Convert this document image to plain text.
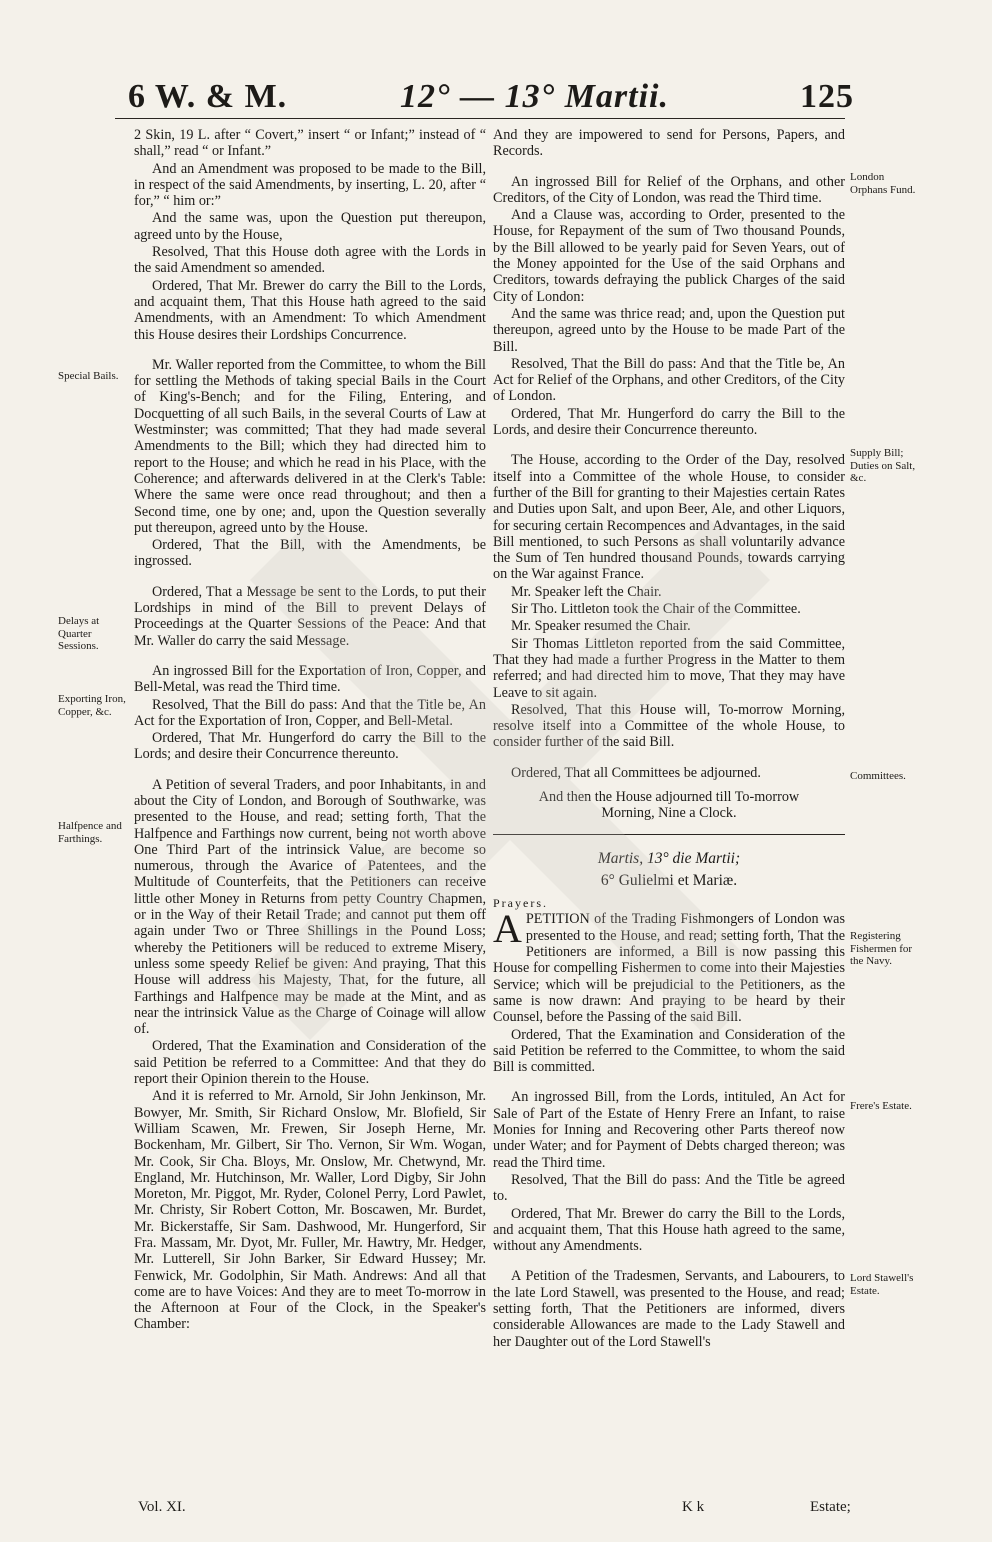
6 W. & M.	12° — 13° Martii.	125

2 Skin, 19 L. after “ Covert,” insert “ or Infant;” instead of “ shall,” read “ or Infant.”

And an Amendment was proposed to be made to the Bill, in respect of the said Amendments, by inserting, L. 20, after “ for,” “ him or:”

And the same was, upon the Question put thereupon, agreed unto by the House,

Resolved, That this House doth agree with the Lords in the said Amendment so amended.

Ordered, That Mr. Brewer do carry the Bill to the Lords, and acquaint them, That this House hath agreed to the said Amendments, with an Amendment: To which Amendment this House desires their Lordships Concurrence.

Mr. Waller reported from the Committee, to whom the Bill for settling the Methods of taking special Bails in the Court of King's-Bench; and for the Filing, Entering, and Docquetting of all such Bails, in the several Courts of Law at Westminster; was committed; That they had made several Amendments to the Bill; which they had directed him to report to the House; and which he read in his Place, with the Coherence; and afterwards delivered in at the Clerk's Table: Where the same were once read throughout; and then a Second time, one by one; and, upon the Question severally put thereupon, agreed unto by the House.

Ordered, That the Bill, with the Amendments, be ingrossed.

Ordered, That a Message be sent to the Lords, to put their Lordships in mind of the Bill to prevent Delays of Proceedings at the Quarter Sessions of the Peace: And that Mr. Waller do carry the said Message.

An ingrossed Bill for the Exportation of Iron, Copper, and Bell-Metal, was read the Third time.

Resolved, That the Bill do pass: And that the Title be, An Act for the Exportation of Iron, Copper, and Bell-Metal.

Ordered, That Mr. Hungerford do carry the Bill to the Lords; and desire their Concurrence thereunto.

A Petition of several Traders, and poor Inhabitants, in and about the City of London, and Borough of Southwarke, was presented to the House, and read; setting forth, That the Halfpence and Farthings now current, being not worth above One Third Part of the intrinsick Value, are become so numerous, through the Avarice of Patentees, and the Multitude of Counterfeits, that the Petitioners can receive little other Money in Returns from petty Country Chapmen, or in the Way of their Retail Trade; and cannot put them off again under Two or Three Shillings in the Pound Loss; whereby the Petitioners will be reduced to extreme Misery, unless some speedy Relief be given: And praying, That this House will address his Majesty, That, for the future, all Farthings and Halfpence may be made at the Mint, and as near the intrinsick Value as the Charge of Coinage will allow of.

Ordered, That the Examination and Consideration of the said Petition be referred to a Committee: And that they do report their Opinion therein to the House.

And it is referred to Mr. Arnold, Sir John Jenkinson, Mr. Bowyer, Mr. Smith, Sir Richard Onslow, Mr. Blofield, Sir William Scawen, Mr. Frewen, Sir Joseph Herne, Mr. Bockenham, Mr. Gilbert, Sir Tho. Vernon, Sir Wm. Wogan, Mr. Cook, Sir Cha. Bloys, Mr. Onslow, Mr. Chetwynd, Mr. England, Mr. Hutchinson, Mr. Waller, Lord Digby, Sir John Moreton, Mr. Piggot, Mr. Ryder, Colonel Perry, Lord Pawlet, Mr. Christy, Sir Robert Cotton, Mr. Boscawen, Mr. Burdet, Mr. Bickerstaffe, Sir Sam. Dashwood, Mr. Hungerford, Sir Fra. Massam, Mr. Dyot, Mr. Fuller, Mr. Hawtry, Mr. Hedger, Mr. Lutterell, Sir John Barker, Sir Edward Hussey; Mr. Fenwick, Mr. Godolphin, Sir Math. Andrews: And all that come are to have Voices: And they are to meet To-morrow in the Afternoon at Four of the Clock, in the Speaker's Chamber:

And they are impowered to send for Persons, Papers, and Records.

An ingrossed Bill for Relief of the Orphans, and other Creditors, of the City of London, was read the Third time.

And a Clause was, according to Order, presented to the House, for Repayment of the sum of Two thousand Pounds, by the Bill allowed to be yearly paid for Seven Years, out of the Money appointed for the Use of the said Orphans and Creditors, towards defraying the publick Charges of the said City of London:

And the same was thrice read; and, upon the Question put thereupon, agreed unto by the House to be made Part of the Bill.

Resolved, That the Bill do pass: And that the Title be, An Act for Relief of the Orphans, and other Creditors, of the City of London.

Ordered, That Mr. Hungerford do carry the Bill to the Lords, and desire their Concurrence thereunto.

The House, according to the Order of the Day, resolved itself into a Committee of the whole House, to consider further of the Bill for granting to their Majesties certain Rates and Duties upon Salt, and upon Beer, Ale, and other Liquors, for securing certain Recompences and Advantages, in the said Bill mentioned, to such Persons as shall voluntarily advance the Sum of Ten hundred thousand Pounds, towards carrying on the War against France.

Mr. Speaker left the Chair.

Sir Tho. Littleton took the Chair of the Committee.

Mr. Speaker resumed the Chair.

Sir Thomas Littleton reported from the said Committee, That they had made a further Progress in the Matter to them referred; and had directed him to move, That they may have Leave to sit again.

Resolved, That this House will, To-morrow Morning, resolve itself into a Committee of the whole House, to consider further of the said Bill.

Ordered, That all Committees be adjourned.

And then the House adjourned till To-morrow Morning, Nine a Clock.

Martis, 13° die Martii;
6° Gulielmi et Mariæ.
Prayers.

APETITION of the Trading Fishmongers of London was presented to the House, and read; setting forth, That the Petitioners are informed, a Bill is now passing this House for compelling Fishermen to come into their Majesties Service; which will be prejudicial to the Petitioners, as the same is now drawn: And praying to be heard by their Counsel, before the Passing of the said Bill.

Ordered, That the Examination and Consideration of the said Petition be referred to the Committee, to whom the said Bill is committed.

An ingrossed Bill, from the Lords, intituled, An Act for Sale of Part of the Estate of Henry Frere an Infant, to raise Monies for Inning and Recovering other Parts thereof now under Water; and for Payment of Debts charged thereon; was read the Third time.

Resolved, That the Bill do pass: And the Title be agreed to.

Ordered, That Mr. Brewer do carry the Bill to the Lords, and acquaint them, That this House hath agreed to the same, without any Amendments.

A Petition of the Tradesmen, Servants, and Labourers, to the late Lord Stawell, was presented to the House, and read; setting forth, That the Petitioners are informed, divers considerable Allowances are made to the Lady Stawell and her Daughter out of the Lord Stawell's

Special Bails.
Delays at Quarter Sessions.
Exporting Iron, Copper, &c.
Halfpence and Farthings.
London Orphans Fund.
Supply Bill; Duties on Salt, &c.
Committees.
Registering Fishermen for the Navy.
Frere's Estate.
Lord Stawell's Estate.
Vol. XI.	K k	Estate;
